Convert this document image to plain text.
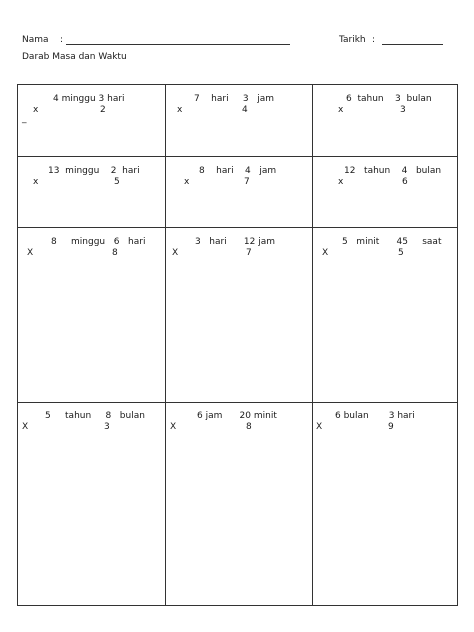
Nama :	Tarikh :
Darab Masa dan Waktu
4 minggu 3 hari
x	2
_
7    hari     3   jam
x	4
6  tahun    3  bulan
x	3
13  minggu    2  hari
x	5
8    hari    4   jam
x	7
12   tahun    4   bulan
x	6
8     minggu   6   hari
X	8
3   hari      12 jam
X	7
5   minit      45     saat
X	5
5     tahun     8   bulan
X	3
6 jam      20 minit
X	8
6 bulan       3 hari
X	9
